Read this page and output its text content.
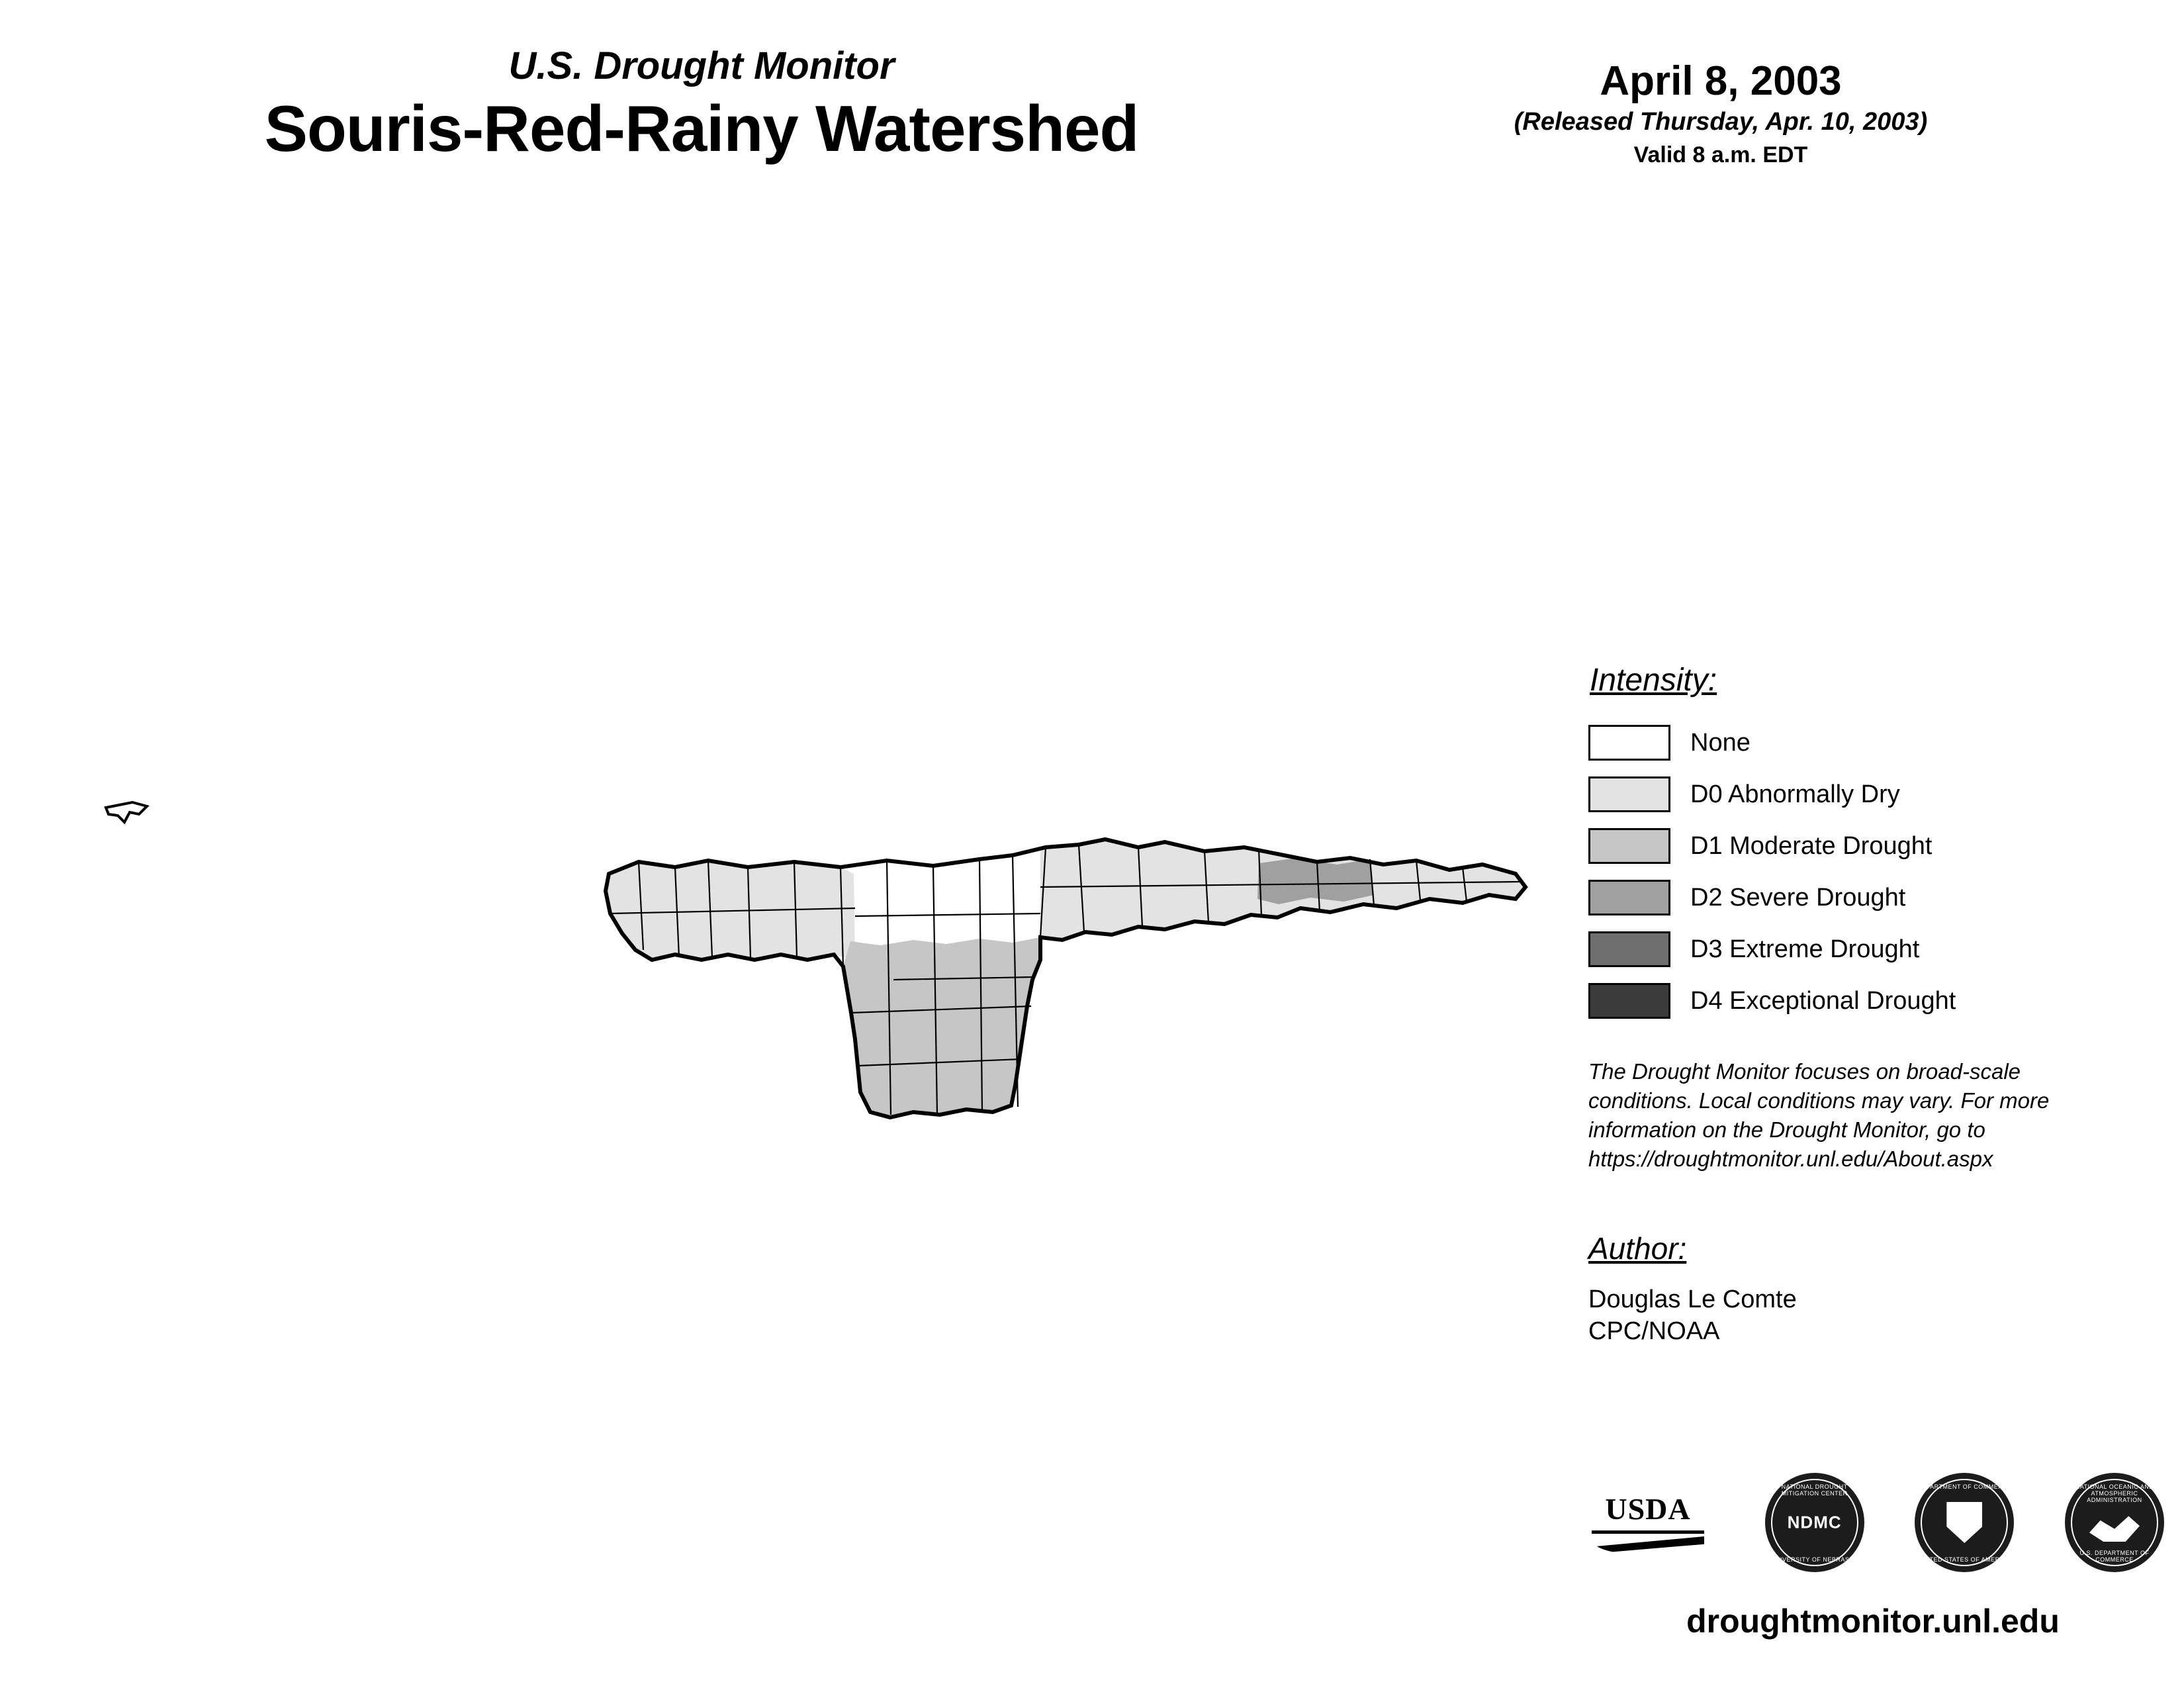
U.S. Drought Monitor
Souris-Red-Rainy Watershed
April 8, 2003
(Released Thursday, Apr. 10, 2003)
Valid 8 a.m. EDT
Intensity:
None
D0 Abnormally Dry
D1 Moderate Drought
D2 Severe Drought
D3 Extreme Drought
D4 Exceptional Drought
The Drought Monitor focuses on broad-scale conditions. Local conditions may vary. For more information on the Drought Monitor, go to https://droughtmonitor.unl.edu/About.aspx
Author:
Douglas Le Comte
CPC/NOAA
USDA
NATIONAL DROUGHT MITIGATION CENTER
NDMC
UNIVERSITY OF NEBRASKA
DEPARTMENT OF COMMERCE
UNITED STATES OF AMERICA
NATIONAL OCEANIC AND ATMOSPHERIC ADMINISTRATION
U.S. DEPARTMENT OF COMMERCE
droughtmonitor.unl.edu
